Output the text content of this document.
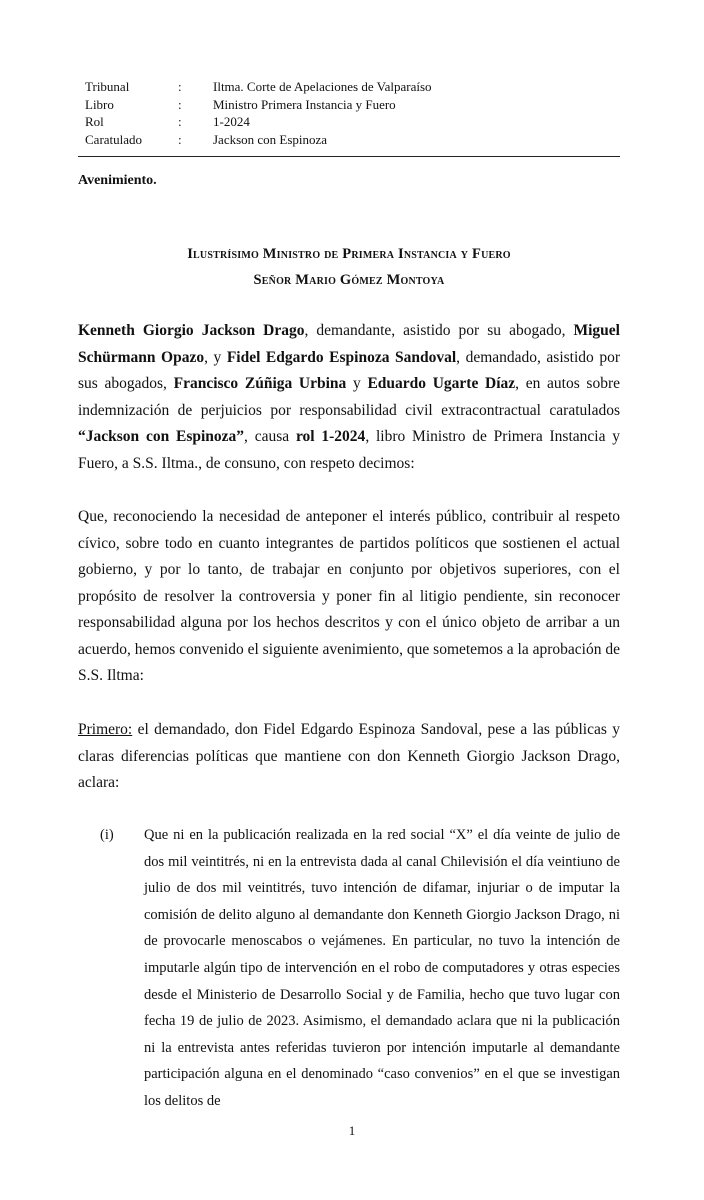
Tribunal	:	Iltma. Corte de Apelaciones de Valparaíso
Libro	:	Ministro Primera Instancia y Fuero
Rol	:	1-2024
Caratulado	:	Jackson con Espinoza
Avenimiento.
Ilustrísimo Ministro de Primera Instancia y Fuero
Señor Mario Gómez Montoya
Kenneth Giorgio Jackson Drago, demandante, asistido por su abogado, Miguel Schürmann Opazo, y Fidel Edgardo Espinoza Sandoval, demandado, asistido por sus abogados, Francisco Zúñiga Urbina y Eduardo Ugarte Díaz, en autos sobre indemnización de perjuicios por responsabilidad civil extracontractual caratulados “Jackson con Espinoza”, causa rol 1-2024, libro Ministro de Primera Instancia y Fuero, a S.S. Iltma., de consuno, con respeto decimos:
Que, reconociendo la necesidad de anteponer el interés público, contribuir al respeto cívico, sobre todo en cuanto integrantes de partidos políticos que sostienen el actual gobierno, y por lo tanto, de trabajar en conjunto por objetivos superiores, con el propósito de resolver la controversia y poner fin al litigio pendiente, sin reconocer responsabilidad alguna por los hechos descritos y con el único objeto de arribar a un acuerdo, hemos convenido el siguiente avenimiento, que sometemos a la aprobación de S.S. Iltma:
Primero: el demandado, don Fidel Edgardo Espinoza Sandoval, pese a las públicas y claras diferencias políticas que mantiene con don Kenneth Giorgio Jackson Drago, aclara:
(i) Que ni en la publicación realizada en la red social “X” el día veinte de julio de dos mil veintitrés, ni en la entrevista dada al canal Chilevisión el día veintiuno de julio de dos mil veintitrés, tuvo intención de difamar, injuriar o de imputar la comisión de delito alguno al demandante don Kenneth Giorgio Jackson Drago, ni de provocarle menoscabos o vejámenes. En particular, no tuvo la intención de imputarle algún tipo de intervención en el robo de computadores y otras especies desde el Ministerio de Desarrollo Social y de Familia, hecho que tuvo lugar con fecha 19 de julio de 2023. Asimismo, el demandado aclara que ni la publicación ni la entrevista antes referidas tuvieron por intención imputarle al demandante participación alguna en el denominado “caso convenios” en el que se investigan los delitos de
1
